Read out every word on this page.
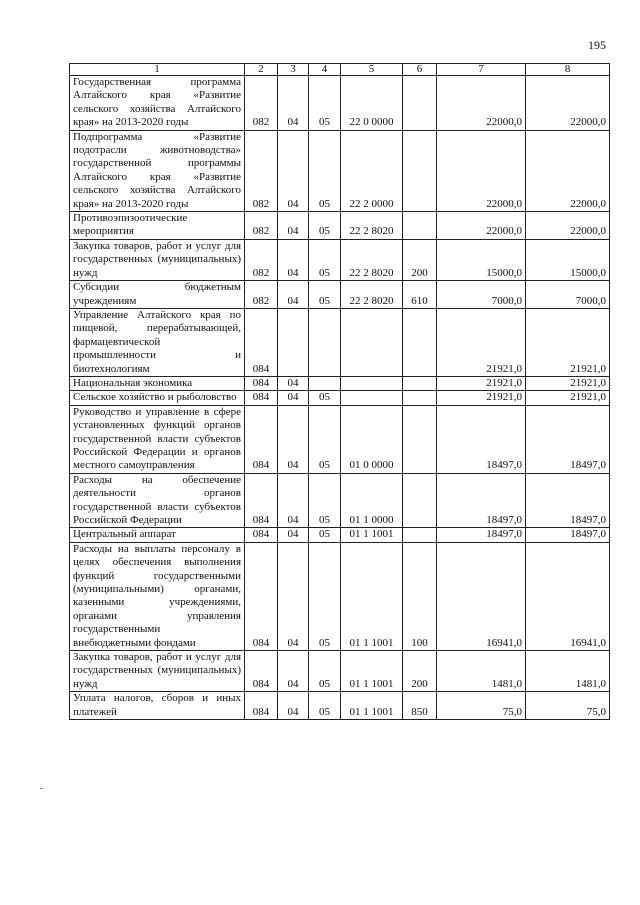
195
1	2	3	4	5	6	7	8
Государственная программа Алтайского края «Развитие сельского хозяйства Алтайского края» на 2013-2020 годы	082	04	05	22 0 0000		22000,0	22000,0
Подпрограмма «Развитие подотрасли животноводства» государственной программы Алтайского края «Развитие сельского хозяйства Алтайского края» на 2013-2020 годы	082	04	05	22 2 0000		22000,0	22000,0
Противоэпизоотические мероприятия	082	04	05	22 2 8020		22000,0	22000,0
Закупка товаров, работ и услуг для государственных (муниципальных) нужд	082	04	05	22 2 8020	200	15000,0	15000,0
Субсидии бюджетным учреждениям	082	04	05	22 2 8020	610	7000,0	7000,0
Управление Алтайского края по пищевой, перерабатывающей, фармацевтической промышленности и биотехнологиям	084					21921,0	21921,0
Национальная экономика	084	04				21921,0	21921,0
Сельское хозяйство и рыболовство	084	04	05			21921,0	21921,0
Руководство и управление в сфере установленных функций органов государственной власти субъектов Российской Федерации и органов местного самоуправления	084	04	05	01 0 0000		18497,0	18497,0
Расходы на обеспечение деятельности органов государственной власти субъектов Российской Федерации	084	04	05	01 1 0000		18497,0	18497,0
Центральный аппарат	084	04	05	01 1 1001		18497,0	18497,0
Расходы на выплаты персоналу в целях обеспечения выполнения функций государственными (муниципальными) органами, казенными учреждениями, органами управления государственными внебюджетными фондами	084	04	05	01 1 1001	100	16941,0	16941,0
Закупка товаров, работ и услуг для государственных (муниципальных) нужд	084	04	05	01 1 1001	200	1481,0	1481,0
Уплата налогов, сборов и иных платежей	084	04	05	01 1 1001	850	75,0	75,0
